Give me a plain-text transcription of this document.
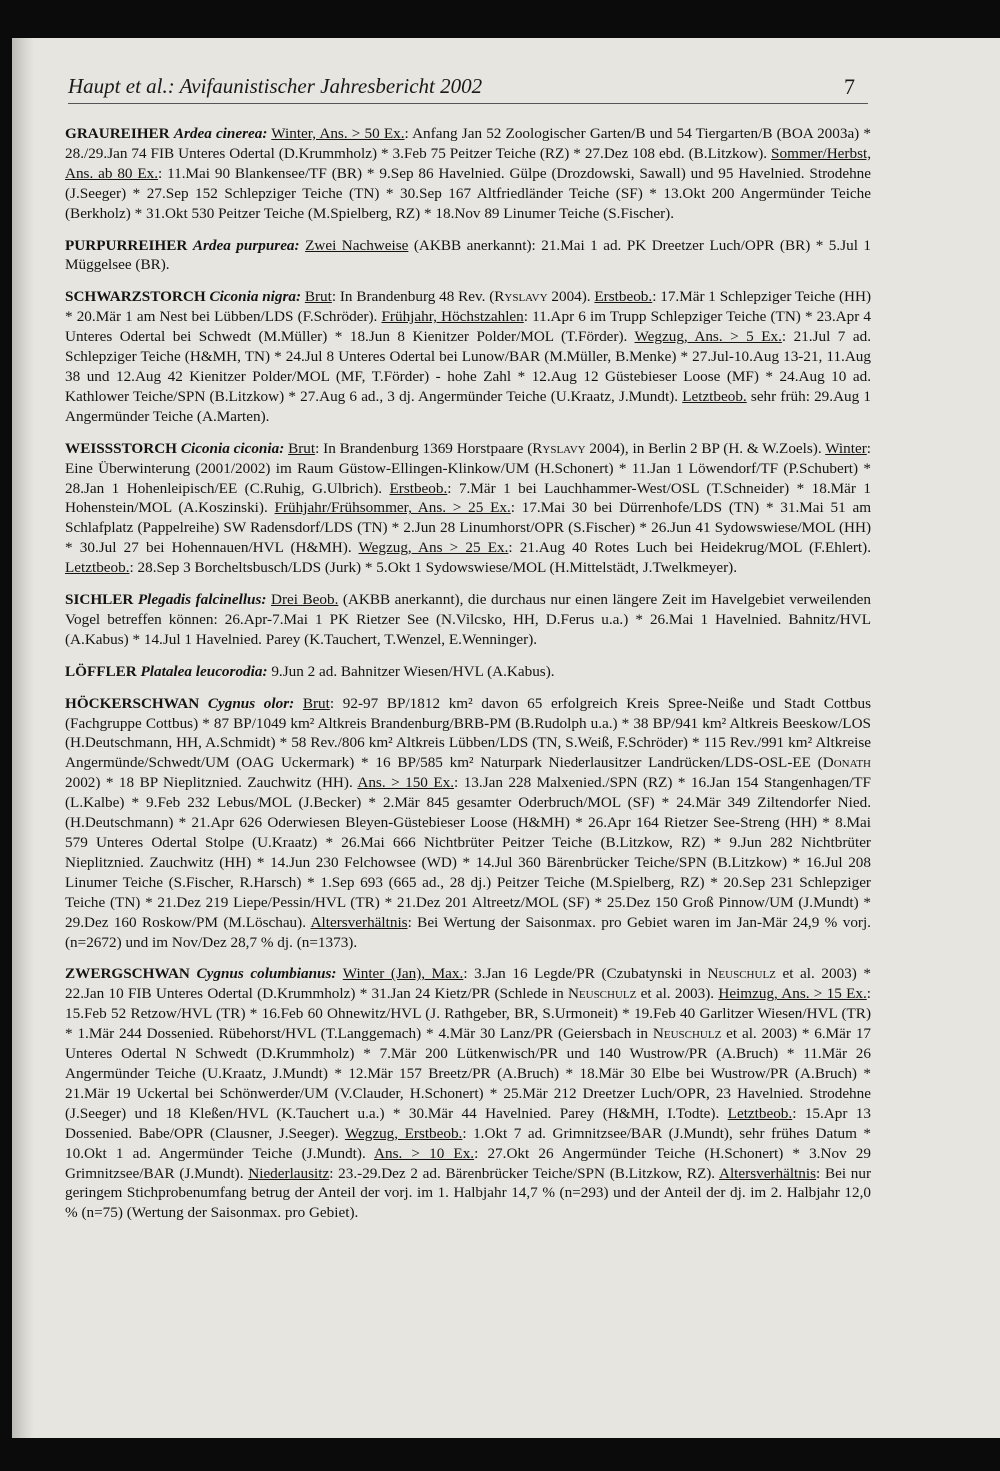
Haupt et al.: Avifaunistischer Jahresbericht 2002	7

GRAUREIHER Ardea cinerea: Winter, Ans. > 50 Ex.: Anfang Jan 52 Zoologischer Garten/B und 54 Tiergarten/B (BOA 2003a) * 28./29.Jan 74 FIB Unteres Odertal (D.Krummholz) * 3.Feb 75 Peitzer Teiche (RZ) * 27.Dez 108 ebd. (B.Litzkow). Sommer/Herbst, Ans. ab 80 Ex.: 11.Mai 90 Blankensee/TF (BR) * 9.Sep 86 Havelnied. Gülpe (Drozdowski, Sawall) und 95 Havelnied. Strodehne (J.Seeger) * 27.Sep 152 Schlepziger Teiche (TN) * 30.Sep 167 Altfriedländer Teiche (SF) * 13.Okt 200 Angermünder Teiche (Berkholz) * 31.Okt 530 Peitzer Teiche (M.Spielberg, RZ) * 18.Nov 89 Linumer Teiche (S.Fischer).

PURPURREIHER Ardea purpurea: Zwei Nachweise (AKBB anerkannt): 21.Mai 1 ad. PK Dreetzer Luch/OPR (BR) * 5.Jul 1 Müggelsee (BR).

SCHWARZSTORCH Ciconia nigra: Brut: In Brandenburg 48 Rev. (Ryslavy 2004). Erstbeob.: 17.Mär 1 Schlepziger Teiche (HH) * 20.Mär 1 am Nest bei Lübben/LDS (F.Schröder). Frühjahr, Höchstzahlen: 11.Apr 6 im Trupp Schlepziger Teiche (TN) * 23.Apr 4 Unteres Odertal bei Schwedt (M.Müller) * 18.Jun 8 Kienitzer Polder/MOL (T.Förder). Wegzug, Ans. > 5 Ex.: 21.Jul 7 ad. Schlepziger Teiche (H&MH, TN) * 24.Jul 8 Unteres Odertal bei Lunow/BAR (M.Müller, B.Menke) * 27.Jul-10.Aug 13-21, 11.Aug 38 und 12.Aug 42 Kienitzer Polder/MOL (MF, T.Förder) - hohe Zahl * 12.Aug 12 Güstebieser Loose (MF) * 24.Aug 10 ad. Kathlower Teiche/SPN (B.Litzkow) * 27.Aug 6 ad., 3 dj. Angermünder Teiche (U.Kraatz, J.Mundt). Letztbeob. sehr früh: 29.Aug 1 Angermünder Teiche (A.Marten).

WEISSSTORCH Ciconia ciconia: Brut: In Brandenburg 1369 Horstpaare (Ryslavy 2004), in Berlin 2 BP (H. & W.Zoels). Winter: Eine Überwinterung (2001/2002) im Raum Güstow-Ellingen-Klinkow/UM (H.Schonert) * 11.Jan 1 Löwendorf/TF (P.Schubert) * 28.Jan 1 Hohenleipisch/EE (C.Ruhig, G.Ulbrich). Erstbeob.: 7.Mär 1 bei Lauchhammer-West/OSL (T.Schneider) * 18.Mär 1 Hohenstein/MOL (A.Koszinski). Frühjahr/Frühsommer, Ans. > 25 Ex.: 17.Mai 30 bei Dürrenhofe/LDS (TN) * 31.Mai 51 am Schlafplatz (Pappelreihe) SW Radensdorf/LDS (TN) * 2.Jun 28 Linumhorst/OPR (S.Fischer) * 26.Jun 41 Sydowswiese/MOL (HH) * 30.Jul 27 bei Hohennauen/HVL (H&MH). Wegzug, Ans > 25 Ex.: 21.Aug 40 Rotes Luch bei Heidekrug/MOL (F.Ehlert). Letztbeob.: 28.Sep 3 Borcheltsbusch/LDS (Jurk) * 5.Okt 1 Sydowswiese/MOL (H.Mittelstädt, J.Twelkmeyer).

SICHLER Plegadis falcinellus: Drei Beob. (AKBB anerkannt), die durchaus nur einen längere Zeit im Havelgebiet verweilenden Vogel betreffen können: 26.Apr-7.Mai 1 PK Rietzer See (N.Vilcsko, HH, D.Ferus u.a.) * 26.Mai 1 Havelnied. Bahnitz/HVL (A.Kabus) * 14.Jul 1 Havelnied. Parey (K.Tauchert, T.Wenzel, E.Wenninger).

LÖFFLER Platalea leucorodia: 9.Jun 2 ad. Bahnitzer Wiesen/HVL (A.Kabus).

HÖCKERSCHWAN Cygnus olor: Brut: 92-97 BP/1812 km² davon 65 erfolgreich Kreis Spree-Neiße und Stadt Cottbus (Fachgruppe Cottbus) * 87 BP/1049 km² Altkreis Brandenburg/BRB-PM (B.Rudolph u.a.) * 38 BP/941 km² Altkreis Beeskow/LOS (H.Deutschmann, HH, A.Schmidt) * 58 Rev./806 km² Altkreis Lübben/LDS (TN, S.Weiß, F.Schröder) * 115 Rev./991 km² Altkreise Angermünde/Schwedt/UM (OAG Uckermark) * 16 BP/585 km² Naturpark Niederlausitzer Landrücken/LDS-OSL-EE (Donath 2002) * 18 BP Nieplitznied. Zauchwitz (HH). Ans. > 150 Ex.: 13.Jan 228 Malxenied./SPN (RZ) * 16.Jan 154 Stangenhagen/TF (L.Kalbe) * 9.Feb 232 Lebus/MOL (J.Becker) * 2.Mär 845 gesamter Oderbruch/MOL (SF) * 24.Mär 349 Ziltendorfer Nied. (H.Deutschmann) * 21.Apr 626 Oderwiesen Bleyen-Güstebieser Loose (H&MH) * 26.Apr 164 Rietzer See-Streng (HH) * 8.Mai 579 Unteres Odertal Stolpe (U.Kraatz) * 26.Mai 666 Nichtbrüter Peitzer Teiche (B.Litzkow, RZ) * 9.Jun 282 Nichtbrüter Nieplitznied. Zauchwitz (HH) * 14.Jun 230 Felchowsee (WD) * 14.Jul 360 Bärenbrücker Teiche/SPN (B.Litzkow) * 16.Jul 208 Linumer Teiche (S.Fischer, R.Harsch) * 1.Sep 693 (665 ad., 28 dj.) Peitzer Teiche (M.Spielberg, RZ) * 20.Sep 231 Schlepziger Teiche (TN) * 21.Dez 219 Liepe/Pessin/HVL (TR) * 21.Dez 201 Altreetz/MOL (SF) * 25.Dez 150 Groß Pinnow/UM (J.Mundt) * 29.Dez 160 Roskow/PM (M.Löschau). Altersverhältnis: Bei Wertung der Saisonmax. pro Gebiet waren im Jan-Mär 24,9 % vorj. (n=2672) und im Nov/Dez 28,7 % dj. (n=1373).

ZWERGSCHWAN Cygnus columbianus: Winter (Jan), Max.: 3.Jan 16 Legde/PR (Czubatynski in Neuschulz et al. 2003) * 22.Jan 10 FIB Unteres Odertal (D.Krummholz) * 31.Jan 24 Kietz/PR (Schlede in Neuschulz et al. 2003). Heimzug, Ans. > 15 Ex.: 15.Feb 52 Retzow/HVL (TR) * 16.Feb 60 Ohnewitz/HVL (J. Rathgeber, BR, S.Urmoneit) * 19.Feb 40 Garlitzer Wiesen/HVL (TR) * 1.Mär 244 Dossenied. Rübehorst/HVL (T.Langgemach) * 4.Mär 30 Lanz/PR (Geiersbach in Neuschulz et al. 2003) * 6.Mär 17 Unteres Odertal N Schwedt (D.Krummholz) * 7.Mär 200 Lütkenwisch/PR und 140 Wustrow/PR (A.Bruch) * 11.Mär 26 Angermünder Teiche (U.Kraatz, J.Mundt) * 12.Mär 157 Breetz/PR (A.Bruch) * 18.Mär 30 Elbe bei Wustrow/PR (A.Bruch) * 21.Mär 19 Uckertal bei Schönwerder/UM (V.Clauder, H.Schonert) * 25.Mär 212 Dreetzer Luch/OPR, 23 Havelnied. Strodehne (J.Seeger) und 18 Kleßen/HVL (K.Tauchert u.a.) * 30.Mär 44 Havelnied. Parey (H&MH, I.Todte). Letztbeob.: 15.Apr 13 Dossenied. Babe/OPR (Clausner, J.Seeger). Wegzug, Erstbeob.: 1.Okt 7 ad. Grimnitzsee/BAR (J.Mundt), sehr frühes Datum * 10.Okt 1 ad. Angermünder Teiche (J.Mundt). Ans. > 10 Ex.: 27.Okt 26 Angermünder Teiche (H.Schonert) * 3.Nov 29 Grimnitzsee/BAR (J.Mundt). Niederlausitz: 23.-29.Dez 2 ad. Bärenbrücker Teiche/SPN (B.Litzkow, RZ). Altersverhältnis: Bei nur geringem Stichprobenumfang betrug der Anteil der vorj. im 1. Halbjahr 14,7 % (n=293) und der Anteil der dj. im 2. Halbjahr 12,0 % (n=75) (Wertung der Saisonmax. pro Gebiet).
